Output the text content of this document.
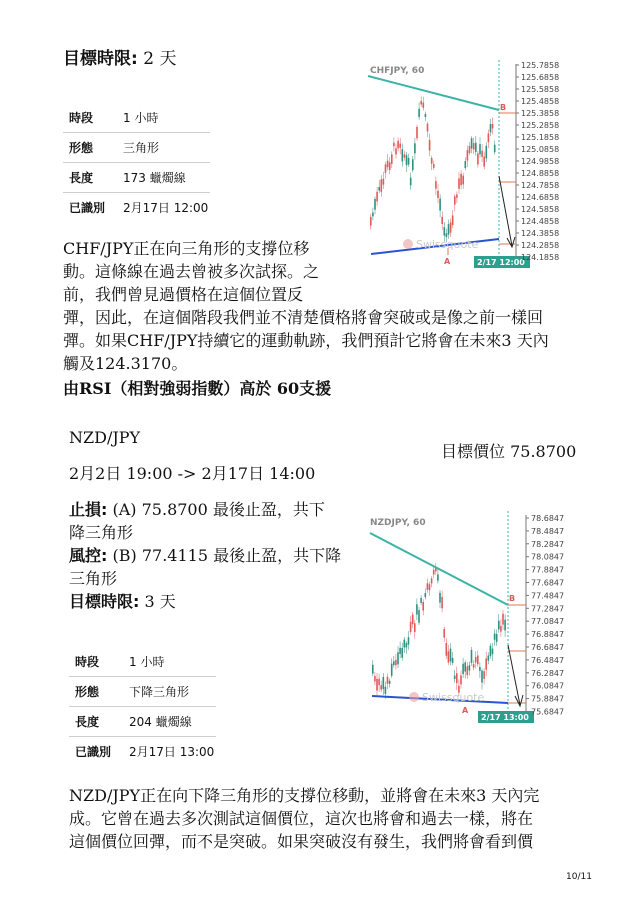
目標時限: 2 天
時段	1 小時
形態	三角形
長度	173 蠟燭線
已識別	2月17日 12:00
CHFJPY, 60
A
B
Swissquote
2/17 12:00
125.7858
125.6858
125.5858
125.4858
125.3858
125.2858
125.1858
125.0858
124.9858
124.8858
124.7858
124.6858
124.5858
124.4858
124.3858
124.2858
124.1858
CHF/JPY正在向三角形的支撐位移
動。這條線在過去曾被多次試探。之
前，我們曾見過價格在這個位置反
彈，因此，在這個階段我們並不清楚價格將會突破或是像之前一樣回
彈。如果CHF/JPY持續它的運動軌跡，我們預計它將會在未來3 天內
觸及124.3170。
由RSI（相對強弱指數）高於 60支援
NZD/JPY
目標價位 75.8700
2月2日 19:00 -> 2月17日 14:00
止損: (A) 75.8700 最後止盈，共下
降三角形
風控: (B) 77.4115 最後止盈，共下降
三角形
目標時限: 3 天
時段	1 小時
形態	下降三角形
長度	204 蠟燭線
已識別	2月17日 13:00
NZDJPY, 60
A
B
Swissquote
2/17 13:00
78.6847
78.4847
78.2847
78.0847
77.8847
77.6847
77.4847
77.2847
77.0847
76.8847
76.6847
76.4847
76.2847
76.0847
75.8847
75.6847
NZD/JPY正在向下降三角形的支撐位移動，並將會在未來3 天內完
成。它曾在過去多次測試這個價位，這次也將會和過去一樣，將在
這個價位回彈，而不是突破。如果突破沒有發生，我們將會看到價
10/11
